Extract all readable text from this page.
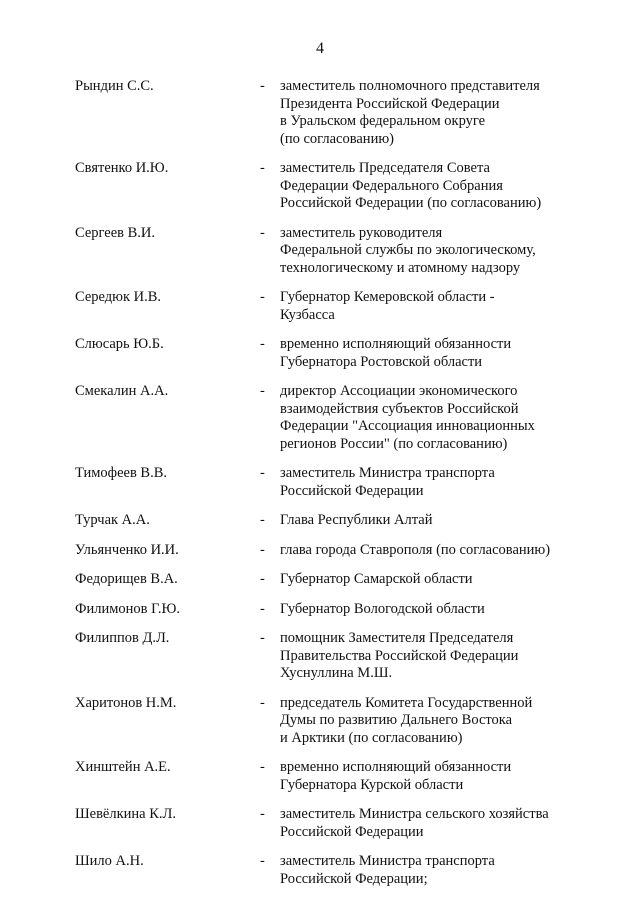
4
Рындин С.С.	-	заместитель полномочного представителя
Президента Российской Федерации
в Уральском федеральном округе
(по согласованию)
Святенко И.Ю.	-	заместитель Председателя Совета
Федерации Федерального Собрания
Российской Федерации (по согласованию)
Сергеев В.И.	-	заместитель руководителя
Федеральной службы по экологическому,
технологическому и атомному надзору
Середюк И.В.	-	Губернатор Кемеровской области -
Кузбасса
Слюсарь Ю.Б.	-	временно исполняющий обязанности
Губернатора Ростовской области
Смекалин А.А.	-	директор Ассоциации экономического
взаимодействия субъектов Российской
Федерации "Ассоциация инновационных
регионов России" (по согласованию)
Тимофеев В.В.	-	заместитель Министра транспорта
Российской Федерации
Турчак А.А.	-	Глава Республики Алтай
Ульянченко И.И.	-	глава города Ставрополя (по согласованию)
Федорищев В.А.	-	Губернатор Самарской области
Филимонов Г.Ю.	-	Губернатор Вологодской области
Филиппов Д.Л.	-	помощник Заместителя Председателя
Правительства Российской Федерации
Хуснуллина М.Ш.
Харитонов Н.М.	-	председатель Комитета Государственной
Думы по развитию Дальнего Востока
и Арктики (по согласованию)
Хинштейн А.Е.	-	временно исполняющий обязанности
Губернатора Курской области
Шевёлкина К.Л.	-	заместитель Министра сельского хозяйства
Российской Федерации
Шило А.Н.	-	заместитель Министра транспорта
Российской Федерации;
